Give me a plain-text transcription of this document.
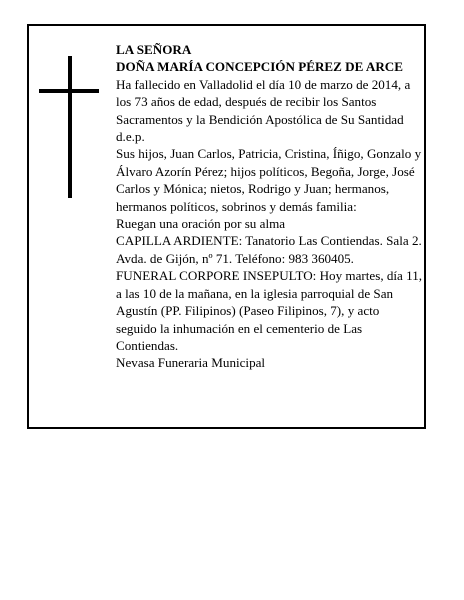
LA SEÑORA

DOÑA MARÍA CONCEPCIÓN PÉREZ DE ARCE

Ha fallecido en Valladolid el día 10 de marzo de 2014, a los 73 años de edad, después de recibir los Santos Sacramentos y la Bendición Apostólica de Su Santidad

d.e.p.

Sus hijos, Juan Carlos, Patricia, Cristina, Íñigo, Gonzalo y Álvaro Azorín Pérez; hijos políticos, Begoña, Jorge, José Carlos y Mónica; nietos, Rodrigo y Juan; hermanos, hermanos políticos, sobrinos y demás familia:

Ruegan una oración por su alma

CAPILLA ARDIENTE: Tanatorio Las Contiendas. Sala 2. Avda. de Gijón, nº 71. Teléfono: 983 360405.

FUNERAL CORPORE INSEPULTO: Hoy martes, día 11, a las 10 de la mañana, en la iglesia parroquial de San Agustín (PP. Filipinos) (Paseo Filipinos, 7), y acto seguido la inhumación en el cementerio de Las Contiendas.

Nevasa Funeraria Municipal
